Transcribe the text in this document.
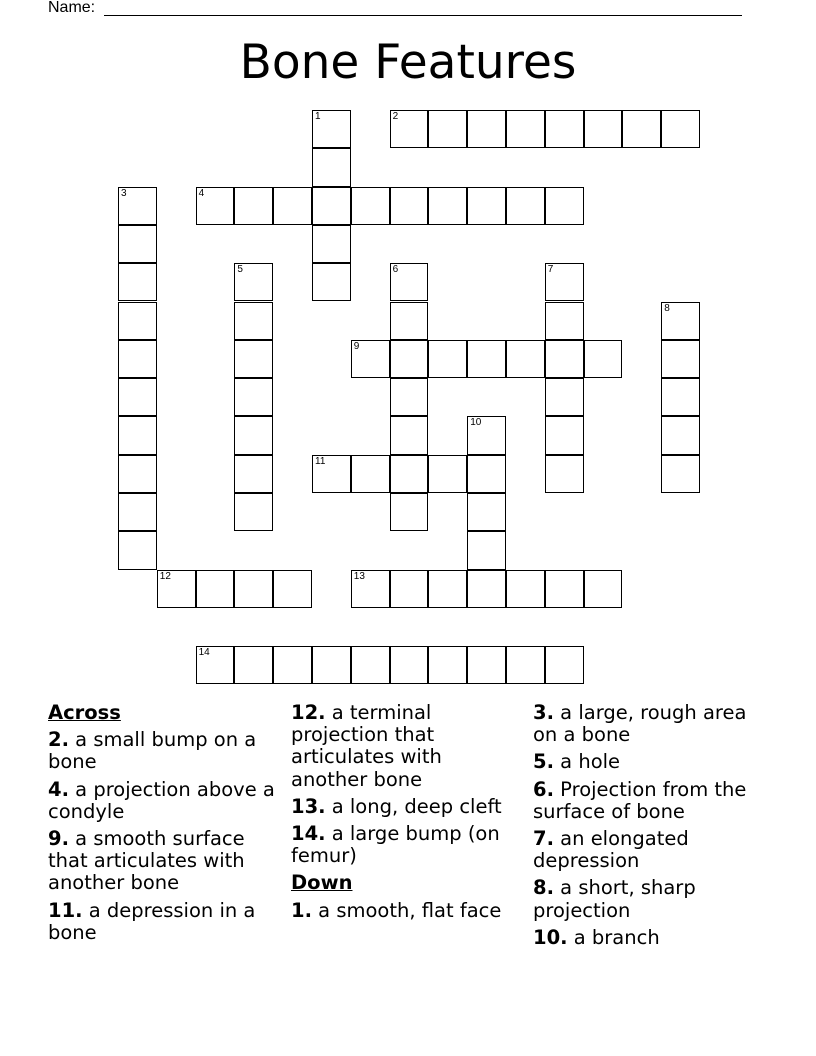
Name:
Bone Features
1	2
3	4
5	6	7
8
9
10
11
12	13
14
Across
2. a small bump on a bone
4. a projection above a condyle
9. a smooth surface that articulates with another bone
11. a depression in a bone
12. a terminal projection that articulates with another bone
13. a long, deep cleft
14. a large bump (on femur)
Down
1. a smooth, flat face
3. a large, rough area on a bone
5. a hole
6. Projection from the surface of bone
7. an elongated depression
8. a short, sharp projection
10. a branch
